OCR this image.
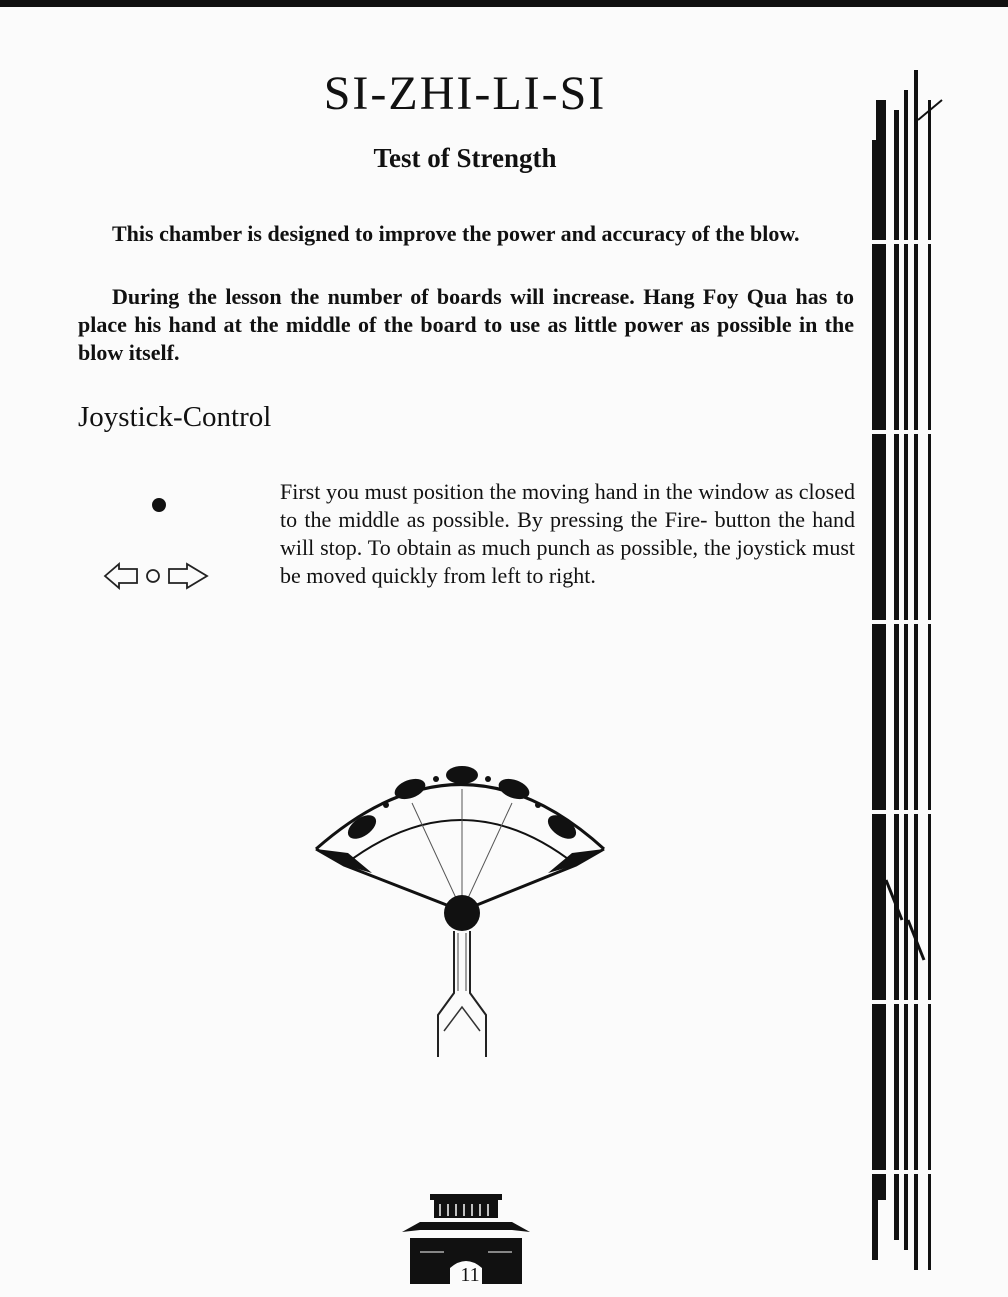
SI-ZHI-LI-SI
Test of Strength

This chamber is designed to improve the power and accuracy of the blow.

During the lesson the number of boards will increase. Hang Foy Qua has to place his hand at the middle of the board to use as little power as possible in the blow itself.

Joystick-Control

First you must position the moving hand in the window as closed to the middle as possible. By pressing the Fire- button the hand will stop. To obtain as much punch as possible, the joystick must be moved quickly from left to right.

11
